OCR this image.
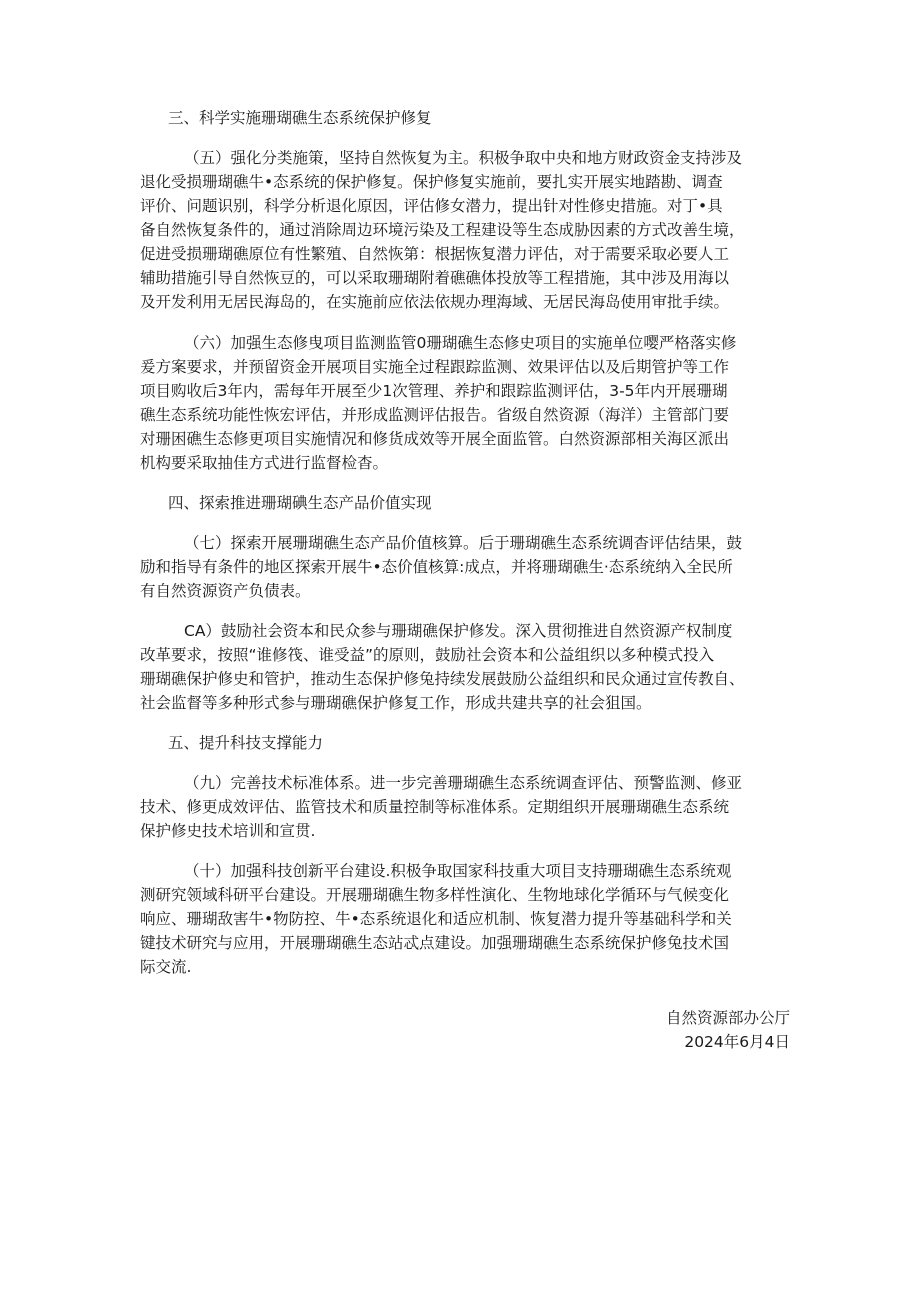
三、科学实施珊瑚礁生态系统保护修复
（五）强化分类施策，坚持自然恢复为主。积极争取中央和地方财政资金支持涉及
退化受损珊瑚礁牛•态系统的保护修复。保护修复实施前，要扎实开展实地踏勘、调查
评价、问题识别，科学分析退化原因，评估修女潜力，提出针对性修史措施。对丁•具
备自然恢复条件的，通过消除周边环境污染及工程建设等生态成胁因素的方式改善生境，
促进受损珊瑚礁原位有性繁殖、自然恢第：根据恢复潜力评估，对于需要采取必要人工
辅助措施引导自然恢豆的，可以采取珊瑚附着礁礁体投放等工程措施，其中涉及用海以
及开发利用无居民海岛的，在实施前应依法依规办理海域、无居民海岛使用审批手续。
（六）加强生态修曳项目监测监管0珊瑚礁生态修史项目的实施单位嘤严格落实修
爰方案要求，并预留资金开展项目实施全过程跟踪监测、效果评估以及后期管护等工作
项目购收后3年内，需每年开展至少1次管理、养护和跟踪监测评估，3-5年内开展珊瑚
礁生态系统功能性恢宏评估，并形成监测评估报告。省级自然资源（海洋）主管部门要
对珊困礁生态修更项目实施情况和修货成效等开展全面监管。白然资源部相关海区派出
机构要采取抽佳方式进行监督检杳。
四、探索推进珊瑚碘生态产品价值实现
（七）探索开展珊瑚礁生态产品价值核算。后于珊瑚礁生态系统调杳评估结果，鼓
励和指导有条件的地区探索开展牛•态价值核算:成点，并将珊瑚礁生·态系统纳入全民所
有自然资源资产负债表。
CA）鼓励社会资本和民众参与珊瑚礁保护修发。深入贯彻推进自然资源产权制度
改革要求，按照“谁修筏、谁受益”的原则，鼓励社会资本和公益组织以多种模式投入
珊瑚礁保护修史和管护，推动生态保护修兔持续发展鼓励公益组织和民众通过宣传教自、
社会监督等多种形式参与珊瑚礁保护修复工作，形成共建共享的社会狙国。
五、提升科技支撑能力
（九）完善技术标准体系。进一步完善珊瑚礁生态系统调查评估、预警监测、修亚
技术、修更成效评估、监管技术和质量控制等标准体系。定期组织开展珊瑚礁生态系统
保护修史技术培训和宣贯.
（十）加强科技创新平台建设.积极争取国家科技重大项目支持珊瑚礁生态系统观
测研究领域科研平台建设。开展珊瑚礁生物多样性演化、生物地球化学循环与气候变化
响应、珊瑚敌害牛•物防控、牛•态系统退化和适应机制、恢复潜力提升等基础科学和关
键技术研究与应用，开展珊瑚礁生态站忒点建设。加强珊瑚礁生态系统保护修兔技术国
际交流.
自然资源部办公厅
2024年6月4日
